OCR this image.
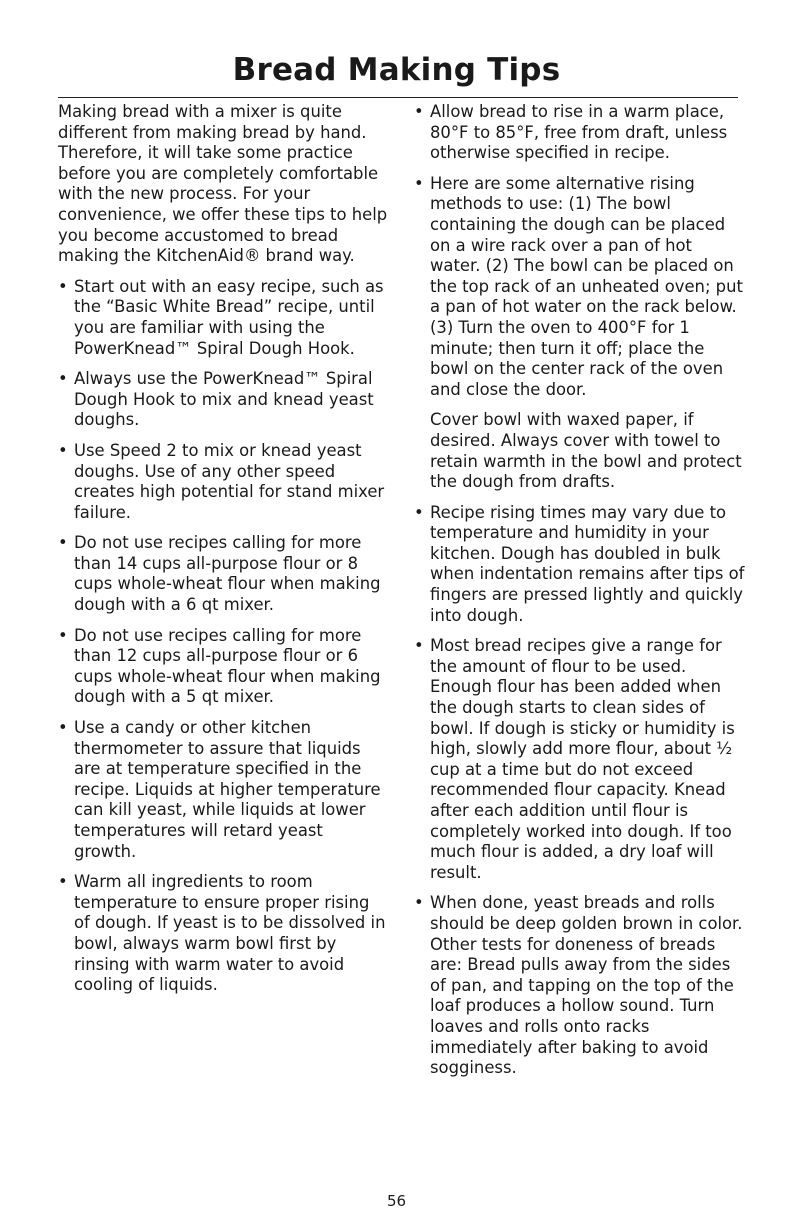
Bread Making Tips

Making bread with a mixer is quite different from making bread by hand. Therefore, it will take some practice before you are completely comfortable with the new process. For your convenience, we offer these tips to help you become accustomed to bread making the KitchenAid® brand way.

• Start out with an easy recipe, such as the “Basic White Bread” recipe, until you are familiar with using the PowerKnead™ Spiral Dough Hook.
• Always use the PowerKnead™ Spiral Dough Hook to mix and knead yeast doughs.
• Use Speed 2 to mix or knead yeast doughs. Use of any other speed creates high potential for stand mixer failure.
• Do not use recipes calling for more than 14 cups all-purpose flour or 8 cups whole-wheat flour when making dough with a 6 qt mixer.
• Do not use recipes calling for more than 12 cups all-purpose flour or 6 cups whole-wheat flour when making dough with a 5 qt mixer.
• Use a candy or other kitchen thermometer to assure that liquids are at temperature specified in the recipe. Liquids at higher temperature can kill yeast, while liquids at lower temperatures will retard yeast growth.
• Warm all ingredients to room temperature to ensure proper rising of dough. If yeast is to be dissolved in bowl, always warm bowl first by rinsing with warm water to avoid cooling of liquids.
• Allow bread to rise in a warm place, 80°F to 85°F, free from draft, unless otherwise specified in recipe.
• Here are some alternative rising methods to use: (1) The bowl containing the dough can be placed on a wire rack over a pan of hot water. (2) The bowl can be placed on the top rack of an unheated oven; put a pan of hot water on the rack below. (3) Turn the oven to 400°F for 1 minute; then turn it off; place the bowl on the center rack of the oven and close the door.

Cover bowl with waxed paper, if desired. Always cover with towel to retain warmth in the bowl and protect the dough from drafts.

• Recipe rising times may vary due to temperature and humidity in your kitchen. Dough has doubled in bulk when indentation remains after tips of fingers are pressed lightly and quickly into dough.
• Most bread recipes give a range for the amount of flour to be used. Enough flour has been added when the dough starts to clean sides of bowl. If dough is sticky or humidity is high, slowly add more flour, about ½ cup at a time but do not exceed recommended flour capacity. Knead after each addition until flour is completely worked into dough. If too much flour is added, a dry loaf will result.
• When done, yeast breads and rolls should be deep golden brown in color. Other tests for doneness of breads are: Bread pulls away from the sides of pan, and tapping on the top of the loaf produces a hollow sound. Turn loaves and rolls onto racks immediately after baking to avoid sogginess.
56
